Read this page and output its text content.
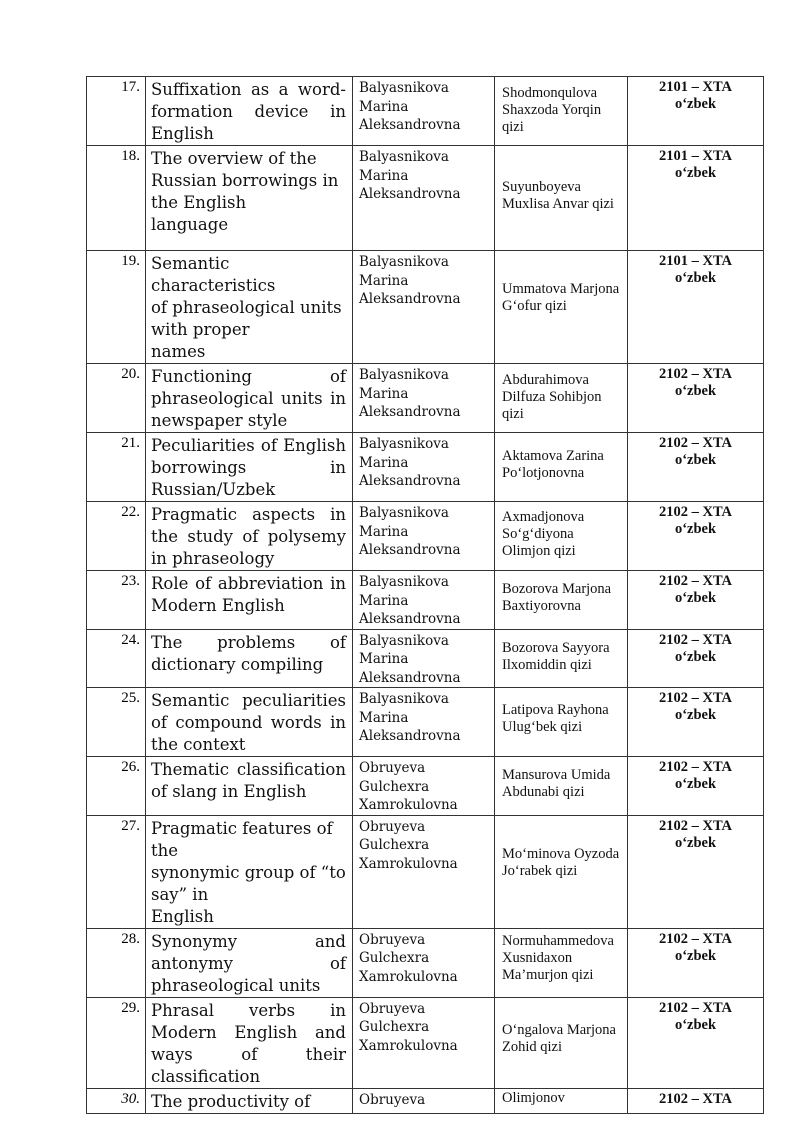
17.	Suffixation as a word-formation device in English	Balyasnikova
Marina
Aleksandrovna	Shodmonqulova Shaxzoda Yorqin qizi	2101 – XTA
o‘zbek

18.	The overview of the
Russian borrowings in
the English
language	Balyasnikova
Marina
Aleksandrovna	Suyunboyeva Muxlisa Anvar qizi	2101 – XTA
o‘zbek

19.	Semantic characteristics
of phraseological units
with proper
names	Balyasnikova
Marina
Aleksandrovna	Ummatova Marjona G‘ofur qizi	2101 – XTA
o‘zbek

20.	Functioning of phraseological units in newspaper style	Balyasnikova
Marina
Aleksandrovna	Abdurahimova Dilfuza Sohibjon qizi	2102 – XTA
o‘zbek

21.	Peculiarities of English borrowings in Russian/Uzbek	Balyasnikova
Marina
Aleksandrovna	Aktamova Zarina Po‘lotjonovna	2102 – XTA
o‘zbek

22.	Pragmatic aspects in the study of polysemy in phraseology	Balyasnikova
Marina
Aleksandrovna	Axmadjonova So‘g‘diyona Olimjon qizi	2102 – XTA
o‘zbek

23.	Role of abbreviation in Modern English	Balyasnikova
Marina
Aleksandrovna	Bozorova Marjona Baxtiyorovna	2102 – XTA
o‘zbek

24.	The problems of dictionary compiling	Balyasnikova
Marina
Aleksandrovna	Bozorova Sayyora Ilxomiddin qizi	2102 – XTA
o‘zbek

25.	Semantic peculiarities of compound words in the context	Balyasnikova
Marina
Aleksandrovna	Latipova Rayhona Ulug‘bek qizi	2102 – XTA
o‘zbek

26.	Thematic classification of slang in English	Obruyeva
Gulchexra
Xamrokulovna	Mansurova Umida Abdunabi qizi	2102 – XTA
o‘zbek

27.	Pragmatic features of the
synonymic group of “to
say” in
English	Obruyeva
Gulchexra
Xamrokulovna	Mo‘minova Oyzoda Jo‘rabek qizi	2102 – XTA
o‘zbek

28.	Synonymy and antonymy of phraseological units	Obruyeva
Gulchexra
Xamrokulovna	Normuhammedova Xusnidaxon Ma’murjon qizi	2102 – XTA
o‘zbek

29.	Phrasal verbs in Modern English and ways of their classification	Obruyeva
Gulchexra
Xamrokulovna	O‘ngalova Marjona Zohid qizi	2102 – XTA
o‘zbek

30.	The productivity of	Obruyeva	Olimjonov	2102 – XTA
